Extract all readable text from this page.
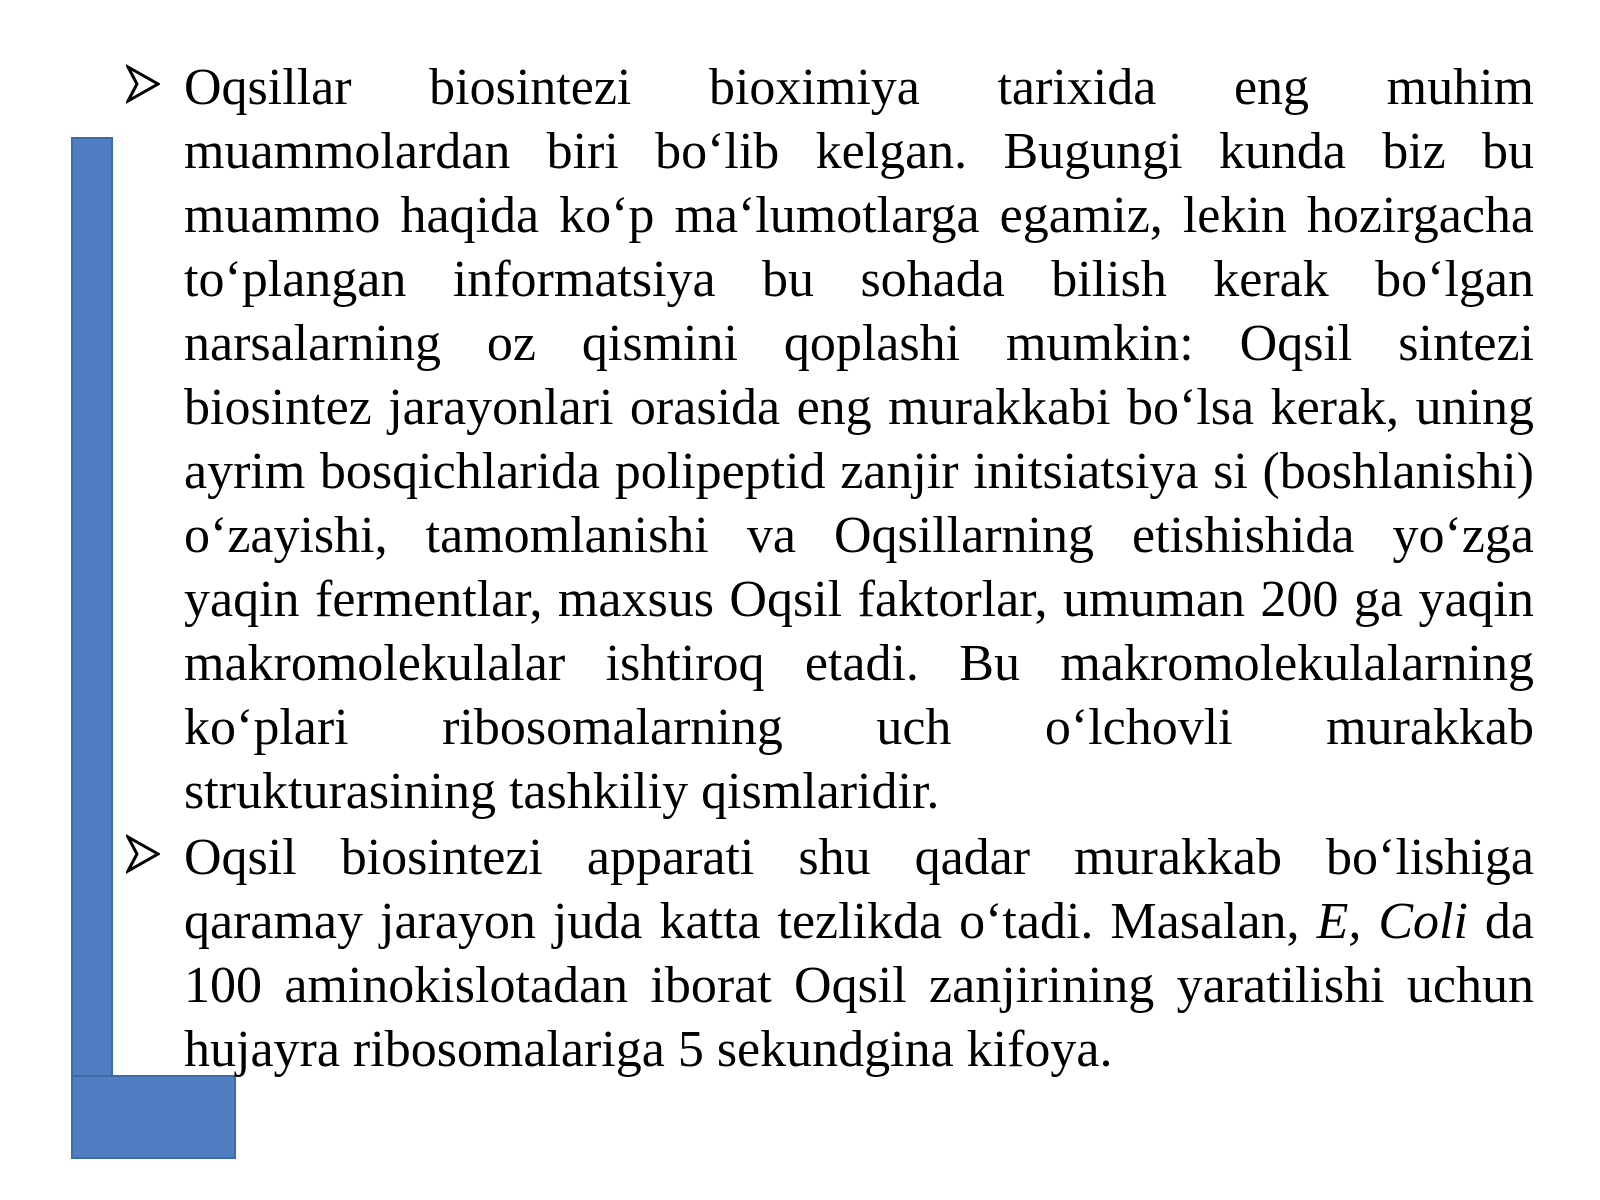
Oqsillar biosintezi bioximiya tarixida eng muhim muammolardan biri bo‘lib kelgan. Bugungi kunda biz bu muammo haqida ko‘p ma‘lumotlarga egamiz, lekin hozirgacha to‘plangan informatsiya bu sohada bilish kerak bo‘lgan narsalarning oz qismini qoplashi mumkin: Oqsil sintezi biosintez jarayonlari orasida eng murakkabi bo‘lsa kerak, uning ayrim bosqichlarida polipeptid zanjir initsiatsiya si (boshlanishi) o‘zayishi, tamomlanishi va Oqsillarning etishishida yo‘zga yaqin fermentlar, maxsus Oqsil faktorlar, umuman 200 ga yaqin makromolekulalar ishtiroq etadi. Bu makromolekulalarning ko‘plari ribosomalarning uch o‘lchovli murakkab strukturasining tashkiliy qismlaridir.

Oqsil biosintezi apparati shu qadar murakkab bo‘lishiga qaramay jarayon juda katta tezlikda o‘tadi. Masalan, E, Coli da 100 aminokislotadan iborat Oqsil zanjirining yaratilishi uchun hujayra ribosomalariga 5 sekundgina kifoya.
